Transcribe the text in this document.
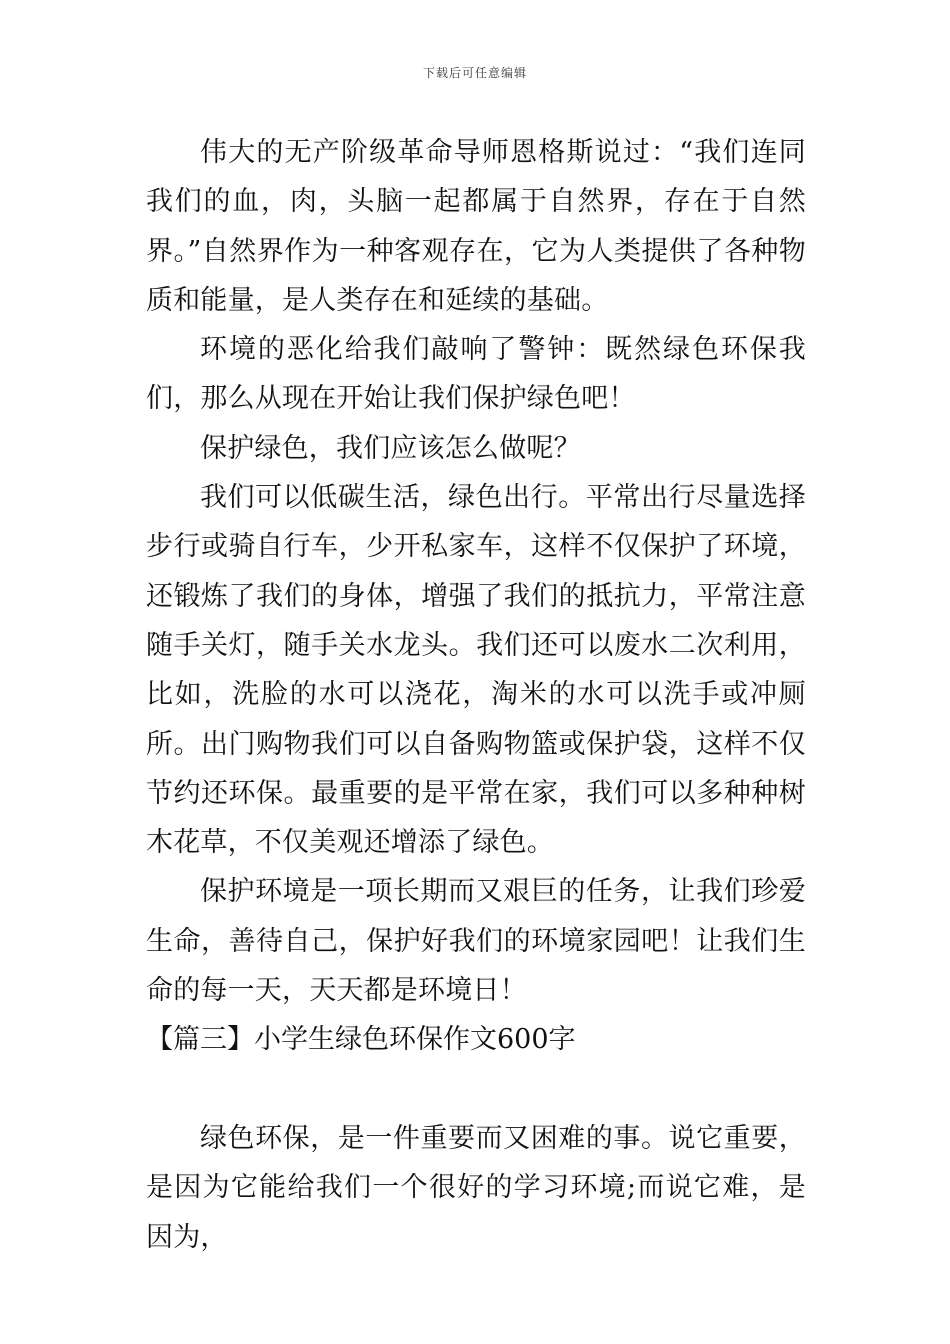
下载后可任意编辑

伟大的无产阶级革命导师恩格斯说过：“我们连同我们的血，肉，头脑一起都属于自然界，存在于自然界。”自然界作为一种客观存在，它为人类提供了各种物质和能量，是人类存在和延续的基础。

环境的恶化给我们敲响了警钟：既然绿色环保我们，那么从现在开始让我们保护绿色吧！

保护绿色，我们应该怎么做呢？

我们可以低碳生活，绿色出行。平常出行尽量选择步行或骑自行车，少开私家车，这样不仅保护了环境，还锻炼了我们的身体，增强了我们的抵抗力，平常注意随手关灯，随手关水龙头。我们还可以废水二次利用，比如，洗脸的水可以浇花，淘米的水可以洗手或冲厕所。出门购物我们可以自备购物篮或保护袋，这样不仅节约还环保。最重要的是平常在家，我们可以多种种树木花草，不仅美观还增添了绿色。

保护环境是一项长期而又艰巨的任务，让我们珍爱生命，善待自己，保护好我们的环境家园吧！让我们生命的每一天，天天都是环境日！

【篇三】小学生绿色环保作文600字

绿色环保，是一件重要而又困难的事。说它重要，是因为它能给我们一个很好的学习环境;而说它难，是因为，
